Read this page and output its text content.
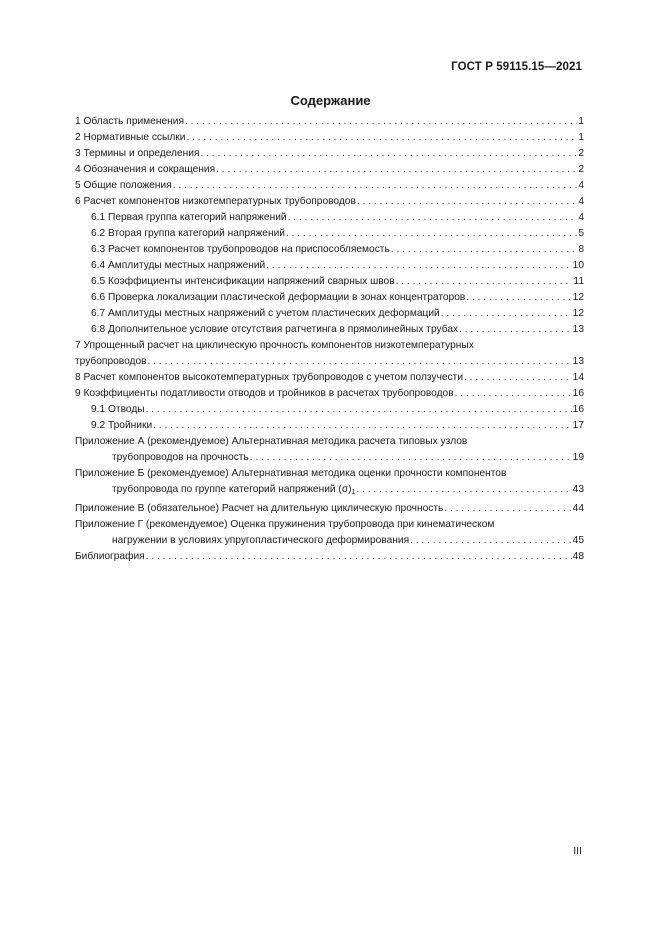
ГОСТ Р 59115.15—2021
Содержание
1 Область применения . . .	1
2 Нормативные ссылки . . .	1
3 Термины и определения . . .	2
4 Обозначения и сокращения . . .	2
5 Общие положения . . .	4
6 Расчет компонентов низкотемпературных трубопроводов . . .	4
6.1 Первая группа категорий напряжений . . .	4
6.2 Вторая группа категорий напряжений . . .	5
6.3 Расчет компонентов трубопроводов на приспособляемость . . .	8
6.4 Амплитуды местных напряжений . . .	10
6.5 Коэффициенты интенсификации напряжений сварных швов . . .	11
6.6 Проверка локализации пластической деформации в зонах концентраторов . . .	12
6.7 Амплитуды местных напряжений с учетом пластических деформаций . . .	12
6.8 Дополнительное условие отсутствия ратчетинга в прямолинейных трубах . . .	13
7 Упрощенный расчет на циклическую прочность компонентов низкотемпературных
трубопроводов . . .	13
8 Расчет компонентов высокотемпературных трубопроводов с учетом ползучести . . .	14
9 Коэффициенты податливости отводов и тройников в расчетах трубопроводов . . .	16
9.1 Отводы . . .	16
9.2 Тройники . . .	17
Приложение А (рекомендуемое) Альтернативная методика расчета типовых узлов
трубопроводов на прочность . . .	19
Приложение Б (рекомендуемое) Альтернативная методика оценки прочности компонентов
трубопровода по группе категорий напряжений $(\sigma)_1$ . . .	43
Приложение В (обязательное) Расчет на длительную циклическую прочность . . .	44
Приложение Г (рекомендуемое) Оценка пружинения трубопровода при кинематическом
нагружении в условиях упругопластического деформирования . . .	45
Библиография . . .	48
III
